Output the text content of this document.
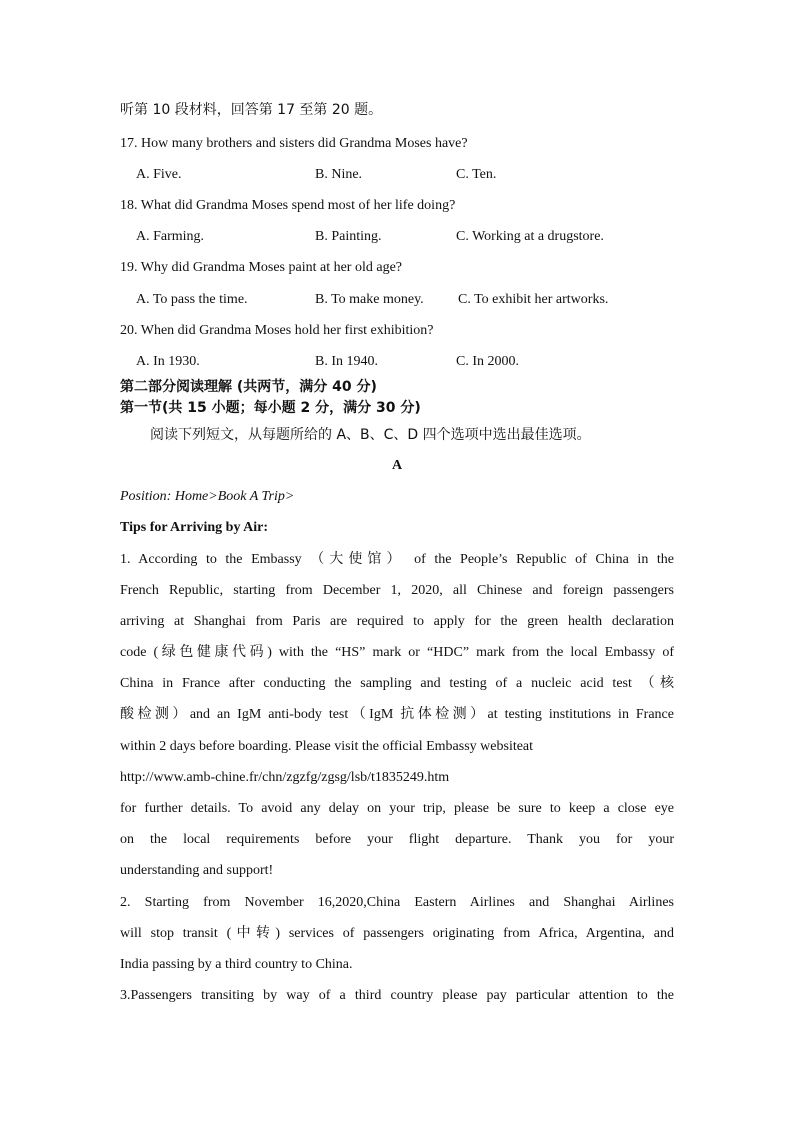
听第 10 段材料，回答第 17 至第 20 题。
17. How many brothers and sisters did Grandma Moses have?
A. Five.	B. Nine.	C. Ten.
18. What did Grandma Moses spend most of her life doing?
A. Farming.	B. Painting.	C. Working at a drugstore.
19. Why did Grandma Moses paint at her old age?
A. To pass the time.	B. To make money. C. To exhibit her artworks.
20. When did Grandma Moses hold her first exhibition?
A. In 1930.	B. In 1940.	C. In 2000.
第二部分阅读理解 (共两节，满分 40 分)
第一节(共 15 小题；每小题 2 分，满分 30 分)
阅读下列短文，从每题所给的 A、B、C、D 四个选项中选出最佳选项。
A
Position: Home>Book A Trip>
Tips for Arriving by Air:
1. According to the Embassy （大使馆） of the People’s Republic of China in the
French Republic, starting from December 1, 2020, all Chinese and foreign passengers
arriving at Shanghai from Paris are required to apply for the green health declaration
code (绿色健康代码) with the “HS” mark or “HDC” mark from the local Embassy of
China in France after conducting the sampling and testing of a nucleic acid test （核
酸检测）and an IgM anti-body test（IgM 抗体检测）at testing institutions in France
within 2 days before boarding. Please visit the official Embassy websiteat
http://www.amb-chine.fr/chn/zgzfg/zgsg/lsb/t1835249.htm
for further details. To avoid any delay on your trip, please be sure to keep a close eye
on the local requirements before your flight departure. Thank you for your
understanding and support!
2. Starting from November 16,2020,China Eastern Airlines and Shanghai Airlines
will stop transit (中转) services of passengers originating from Africa, Argentina, and
India passing by a third country to China.
3.Passengers transiting by way of a third country please pay particular attention to the
